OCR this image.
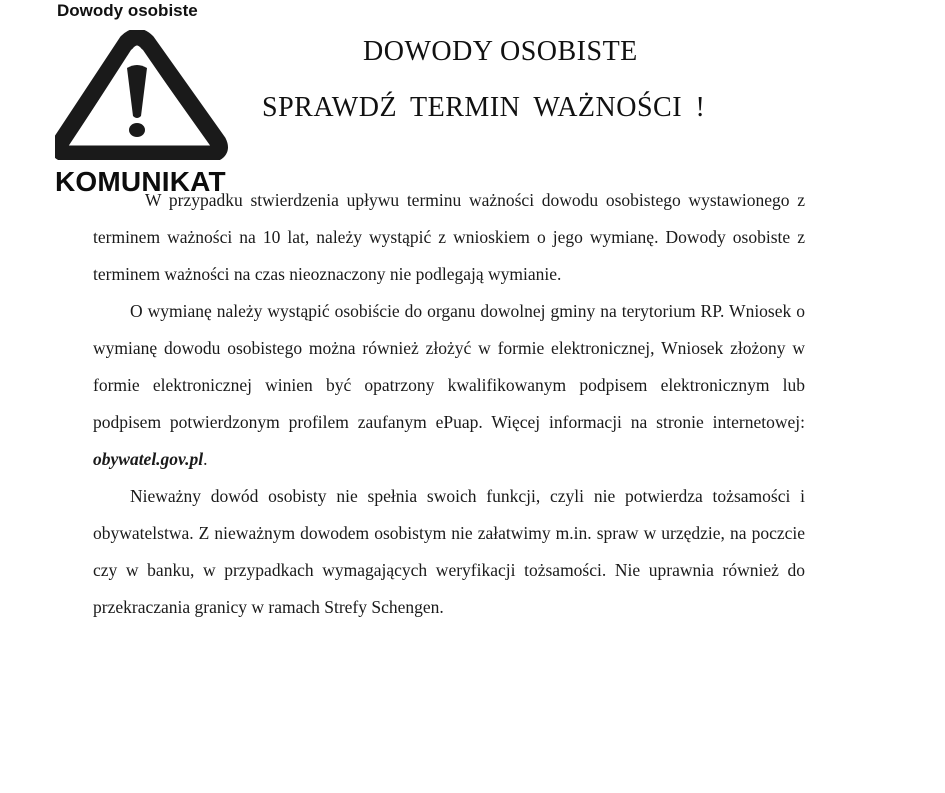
Dowody osobiste
KOMUNIKAT
DOWODY OSOBISTE
SPRAWDŹ TERMIN WAŻNOŚCI !

W przypadku stwierdzenia upływu terminu ważności dowodu osobistego wystawionego z terminem ważności na 10 lat, należy wystąpić z wnioskiem o jego wymianę. Dowody osobiste z terminem ważności na czas nieoznaczony nie podlegają wymianie.

O wymianę należy wystąpić osobiście do organu dowolnej gminy na terytorium RP. Wniosek o wymianę dowodu osobistego można również złożyć w formie elektronicznej, Wniosek złożony w formie elektronicznej winien być opatrzony kwalifikowanym podpisem elektronicznym lub podpisem potwierdzonym profilem zaufanym ePuap. Więcej informacji na stronie internetowej: obywatel.gov.pl.

Nieważny dowód osobisty nie spełnia swoich funkcji, czyli nie potwierdza tożsamości i obywatelstwa. Z nieważnym dowodem osobistym nie załatwimy m.in. spraw w urzędzie, na poczcie czy w banku, w przypadkach wymagających weryfikacji tożsamości. Nie uprawnia również do przekraczania granicy w ramach Strefy Schengen.
